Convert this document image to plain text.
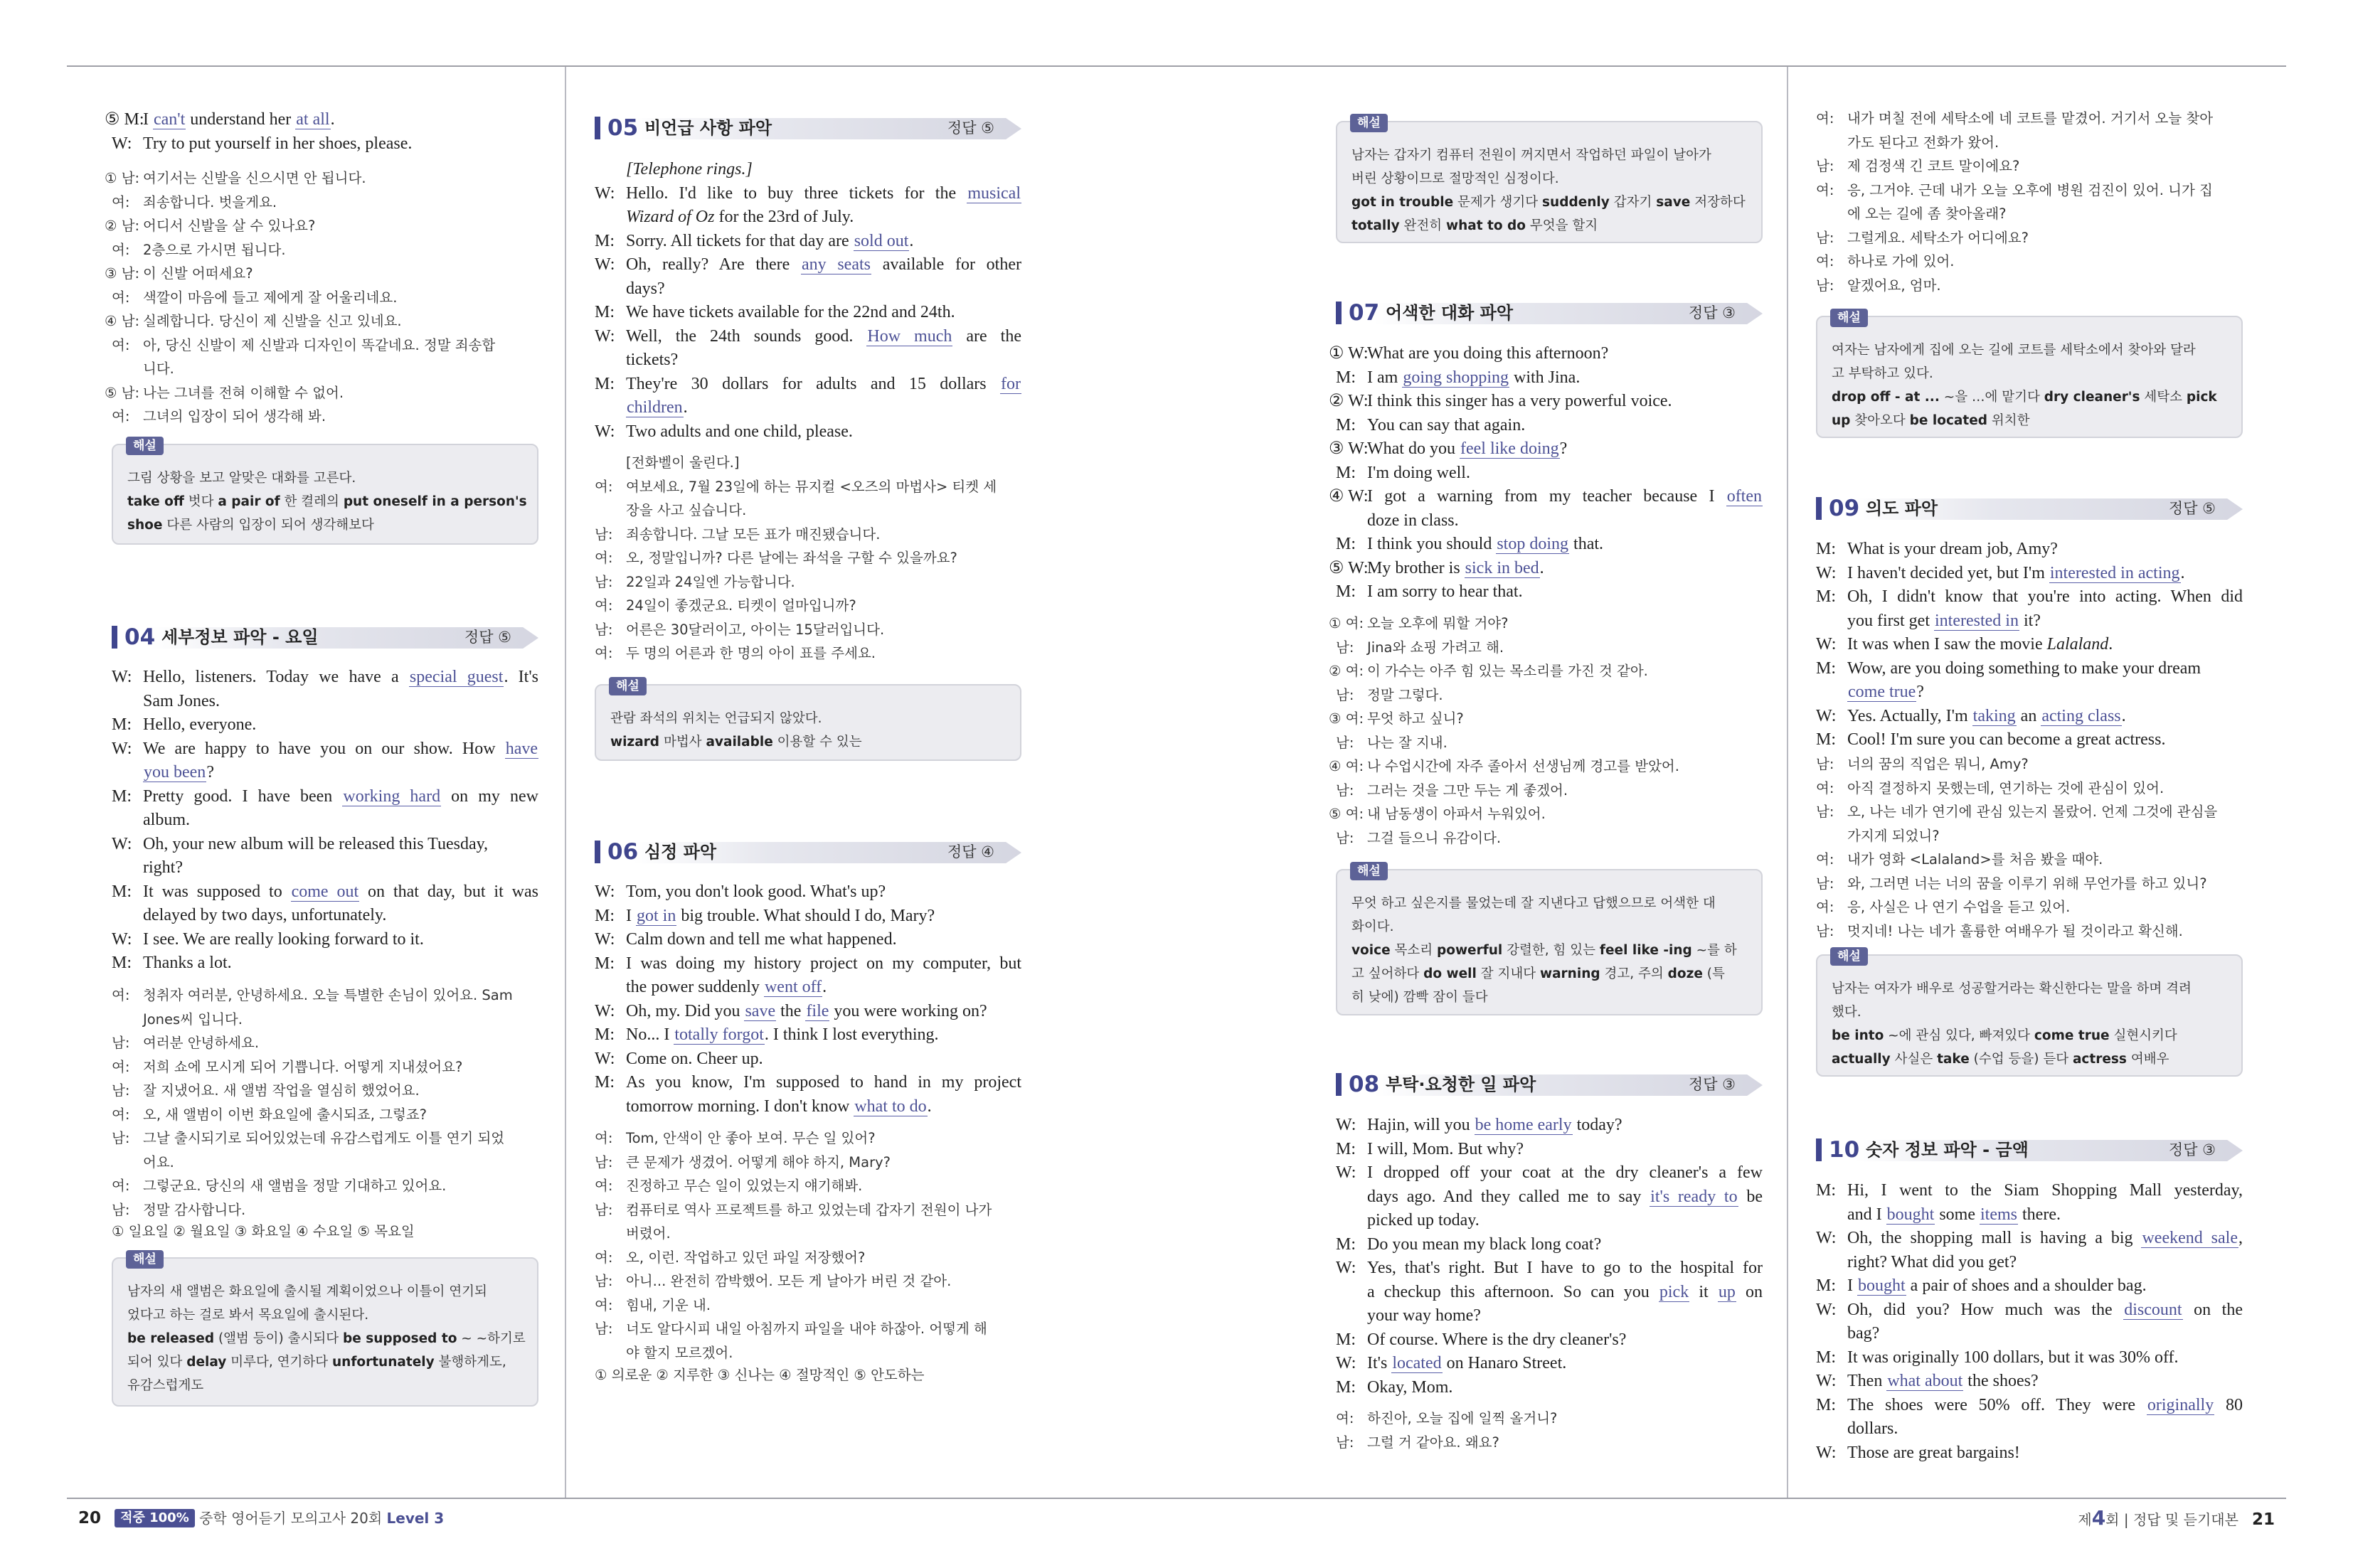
⑤ M:
I can't understand her at all.
W: Try to put yourself in her shoes, please.
① 남: 여기서는 신발을 신으시면 안 됩니다.
여: 죄송합니다. 벗을게요.
② 남: 어디서 신발을 살 수 있나요?
여: 2층으로 가시면 됩니다.
③ 남: 이 신발 어떠세요?
여: 색깔이 마음에 들고 제에게 잘 어울리네요.
④ 남: 실례합니다. 당신이 제 신발을 신고 있네요.
여: 아, 당신 신발이 제 신발과 디자인이 똑같네요. 정말 죄송합
니다.
⑤ 남: 나는 그녀를 전혀 이해할 수 없어.
여: 그녀의 입장이 되어 생각해 봐.
해설
그림 상황을 보고 알맞은 대화를 고른다.
take off 벗다 a pair of 한 켤레의 put oneself in a person's
shoe 다른 사람의 입장이 되어 생각해보다
04 세부정보 파악 - 요일	정답 ⑤
W: Hello, listeners. Today we have a special guest. It's
Sam Jones.
M: Hello, everyone.
W: We are happy to have you on our show. How have
you been?
M: Pretty good. I have been working hard on my new
album.
W: Oh, your new album will be released this Tuesday,
right?
M: It was supposed to come out on that day, but it was
delayed by two days, unfortunately.
W: I see. We are really looking forward to it.
M: Thanks a lot.
여: 청취자 여러분, 안녕하세요. 오늘 특별한 손님이 있어요. Sam
Jones씨 입니다.
남: 여러분 안녕하세요.
여: 저희 쇼에 모시게 되어 기쁩니다. 어떻게 지내셨어요?
남: 잘 지냈어요. 새 앨범 작업을 열심히 했었어요.
여: 오, 새 앨범이 이번 화요일에 출시되죠, 그렇죠?
남: 그날 출시되기로 되어있었는데 유감스럽게도 이틀 연기 되었
어요.
여: 그렇군요. 당신의 새 앨범을 정말 기대하고 있어요.
남: 정말 감사합니다.
① 일요일 ② 월요일 ③ 화요일 ④ 수요일 ⑤ 목요일
해설
남자의 새 앨범은 화요일에 출시될 계획이었으나 이틀이 연기되
었다고 하는 걸로 봐서 목요일에 출시된다.
be released (앨범 등이) 출시되다 be supposed to ~ ~하기로
되어 있다 delay 미루다, 연기하다 unfortunately 불행하게도,
유감스럽게도
05 비언급 사항 파악	정답 ⑤
[Telephone rings.]
W: Hello. I'd like to buy three tickets for the musical
Wizard of Oz for the 23rd of July.
M: Sorry. All tickets for that day are sold out.
W: Oh, really? Are there any seats available for other
days?
M: We have tickets available for the 22nd and 24th.
W: Well, the 24th sounds good. How much are the
tickets?
M: They're 30 dollars for adults and 15 dollars for
children.
W: Two adults and one child, please.
[전화벨이 울린다.]
여: 여보세요, 7월 23일에 하는 뮤지컬 <오즈의 마법사> 티켓 세
장을 사고 싶습니다.
남: 죄송합니다. 그날 모든 표가 매진됐습니다.
여: 오, 정말입니까? 다른 날에는 좌석을 구할 수 있을까요?
남: 22일과 24일엔 가능합니다.
여: 24일이 좋겠군요. 티켓이 얼마입니까?
남: 어른은 30달러이고, 아이는 15달러입니다.
여: 두 명의 어른과 한 명의 아이 표를 주세요.
해설
관람 좌석의 위치는 언급되지 않았다.
wizard 마법사 available 이용할 수 있는
06 심정 파악	정답 ④
W: Tom, you don't look good. What's up?
M: I got in big trouble. What should I do, Mary?
W: Calm down and tell me what happened.
M: I was doing my history project on my computer, but
the power suddenly went off.
W: Oh, my. Did you save the file you were working on?
M: No... I totally forgot. I think I lost everything.
W: Come on. Cheer up.
M: As you know, I'm supposed to hand in my project
tomorrow morning. I don't know what to do.
여: Tom, 안색이 안 좋아 보여. 무슨 일 있어?
남: 큰 문제가 생겼어. 어떻게 해야 하지, Mary?
여: 진정하고 무슨 일이 있었는지 얘기해봐.
남: 컴퓨터로 역사 프로젝트를 하고 있었는데 갑자기 전원이 나가
버렸어.
여: 오, 이런. 작업하고 있던 파일 저장했어?
남: 아니... 완전히 깜박했어. 모든 게 날아가 버린 것 같아.
여: 힘내, 기운 내.
남: 너도 알다시피 내일 아침까지 파일을 내야 하잖아. 어떻게 해
야 할지 모르겠어.
① 의로운 ② 지루한 ③ 신나는 ④ 절망적인 ⑤ 안도하는
해설
남자는 갑자기 컴퓨터 전원이 꺼지면서 작업하던 파일이 날아가
버린 상황이므로 절망적인 심정이다.
got in trouble 문제가 생기다 suddenly 갑자기 save 저장하다
totally 완전히 what to do 무엇을 할지
07 어색한 대화 파악	정답 ③
① W:
What are you doing this afternoon?
M: I am going shopping with Jina.
② W:
I think this singer has a very powerful voice.
M: You can say that again.
③ W:
What do you feel like doing?
M: I'm doing well.
④ W:
I got a warning from my teacher because I often
doze in class.
M: I think you should stop doing that.
⑤ W:
My brother is sick in bed.
M: I am sorry to hear that.
① 여: 오늘 오후에 뭐할 거야?
남: Jina와 쇼핑 가려고 해.
② 여: 이 가수는 아주 힘 있는 목소리를 가진 것 같아.
남: 정말 그렇다.
③ 여: 무엇 하고 싶니?
남: 나는 잘 지내.
④ 여: 나 수업시간에 자주 졸아서 선생님께 경고를 받았어.
남: 그러는 것을 그만 두는 게 좋겠어.
⑤ 여: 내 남동생이 아파서 누워있어.
남: 그걸 들으니 유감이다.
해설
무엇 하고 싶은지를 물었는데 잘 지낸다고 답했으므로 어색한 대
화이다.
voice 목소리 powerful 강렬한, 힘 있는 feel like -ing ~를 하
고 싶어하다 do well 잘 지내다 warning 경고, 주의 doze (특
히 낮에) 깜빡 잠이 들다
08 부탁·요청한 일 파악	정답 ③
W: Hajin, will you be home early today?
M: I will, Mom. But why?
W: I dropped off your coat at the dry cleaner's a few
days ago. And they called me to say it's ready to be
picked up today.
M: Do you mean my black long coat?
W: Yes, that's right. But I have to go to the hospital for
a checkup this afternoon. So can you pick it up on
your way home?
M: Of course. Where is the dry cleaner's?
W: It's located on Hanaro Street.
M: Okay, Mom.
여: 하진아, 오늘 집에 일찍 올거니?
남: 그럴 거 같아요. 왜요?
여: 내가 며칠 전에 세탁소에 네 코트를 맡겼어. 거기서 오늘 찾아
가도 된다고 전화가 왔어.
남: 제 검정색 긴 코트 말이에요?
여: 응, 그거야. 근데 내가 오늘 오후에 병원 검진이 있어. 니가 집
에 오는 길에 좀 찾아올래?
남: 그럴게요. 세탁소가 어디에요?
여: 하나로 가에 있어.
남: 알겠어요, 엄마.
해설
여자는 남자에게 집에 오는 길에 코트를 세탁소에서 찾아와 달라
고 부탁하고 있다.
drop off - at ... ~을 …에 맡기다 dry cleaner's 세탁소 pick
up 찾아오다 be located 위치한
09 의도 파악	정답 ⑤
M: What is your dream job, Amy?
W: I haven't decided yet, but I'm interested in acting.
M: Oh, I didn't know that you're into acting. When did
you first get interested in it?
W: It was when I saw the movie Lalaland.
M: Wow, are you doing something to make your dream
come true?
W: Yes. Actually, I'm taking an acting class.
M: Cool! I'm sure you can become a great actress.
남: 너의 꿈의 직업은 뭐니, Amy?
여: 아직 결정하지 못했는데, 연기하는 것에 관심이 있어.
남: 오, 나는 네가 연기에 관심 있는지 몰랐어. 언제 그것에 관심을
가지게 되었니?
여: 내가 영화 <Lalaland>를 처음 봤을 때야.
남: 와, 그러면 너는 너의 꿈을 이루기 위해 무언가를 하고 있니?
여: 응, 사실은 나 연기 수업을 듣고 있어.
남: 멋지네! 나는 네가 훌륭한 여배우가 될 것이라고 확신해.
해설
남자는 여자가 배우로 성공할거라는 확신한다는 말을 하며 격려
했다.
be into ~에 관심 있다, 빠져있다 come true 실현시키다
actually 사실은 take (수업 등을) 듣다 actress 여배우
10 숫자 정보 파악 - 금액	정답 ③
M: Hi, I went to the Siam Shopping Mall yesterday,
and I bought some items there.
W: Oh, the shopping mall is having a big weekend sale,
right? What did you get?
M: I bought a pair of shoes and a shoulder bag.
W: Oh, did you? How much was the discount on the
bag?
M: It was originally 100 dollars, but it was 30% off.
W: Then what about the shoes?
M: The shoes were 50% off. They were originally 80
dollars.
W: Those are great bargains!
20 적중 100% 중학 영어듣기 모의고사 20회 Level 3	제4회 | 정답 및 듣기대본 21
